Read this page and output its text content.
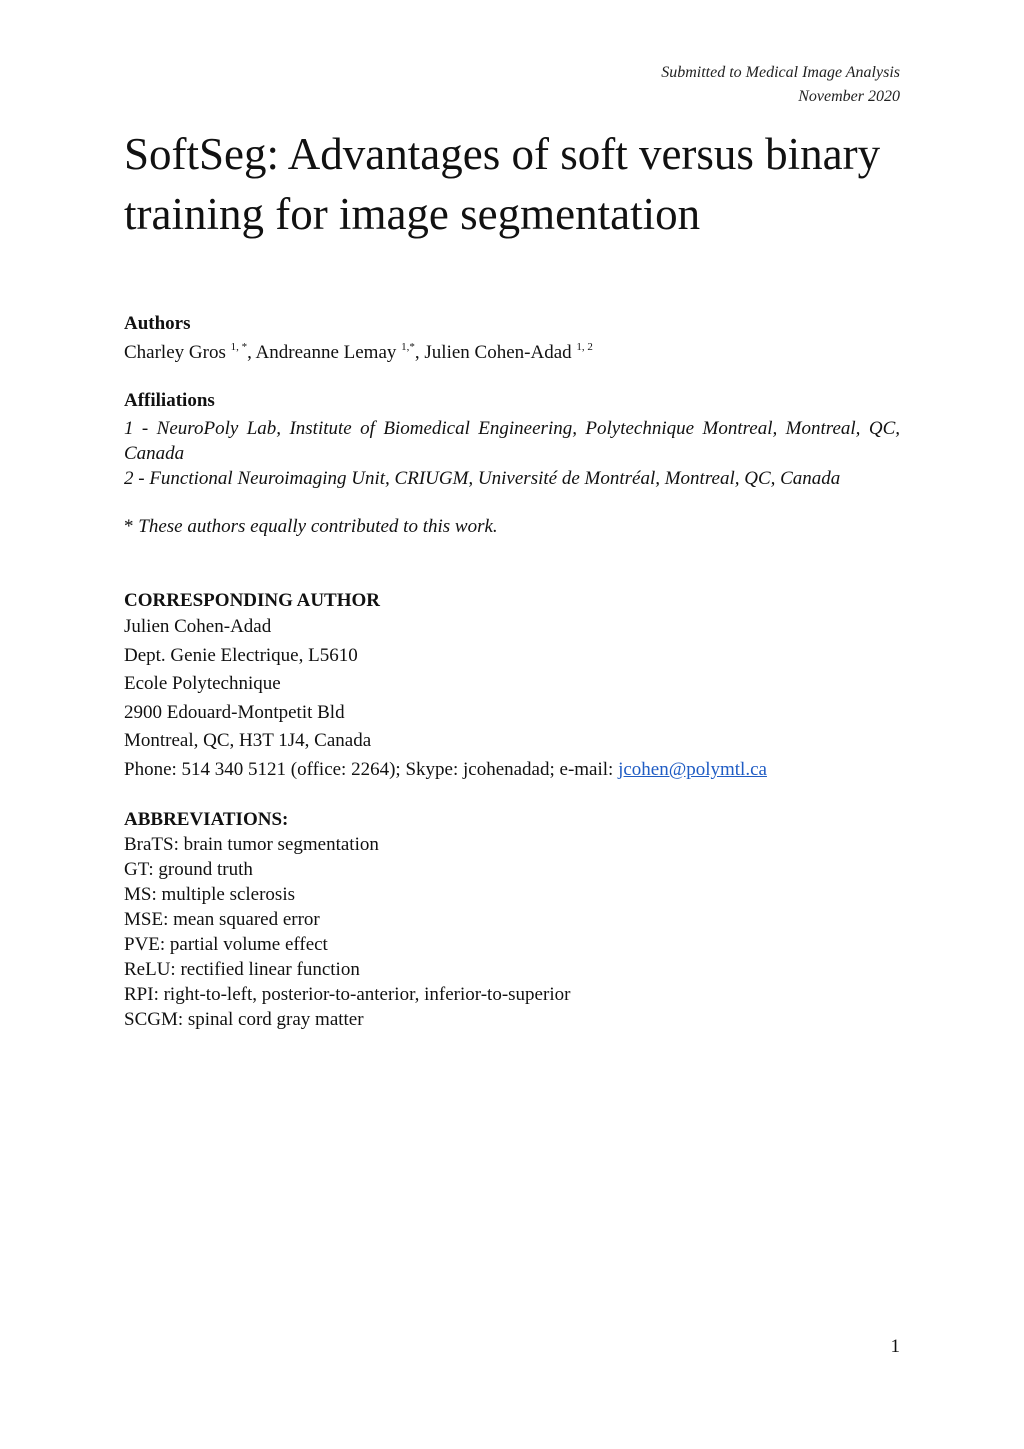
Submitted to Medical Image Analysis
November 2020
SoftSeg: Advantages of soft versus binary
training for image segmentation

Authors

Charley Gros $^{1, *}$, Andreanne Lemay $^{1,*}$, Julien Cohen-Adad $^{1, 2}$

Affiliations

1 - NeuroPoly Lab, Institute of Biomedical Engineering, Polytechnique Montreal, Montreal, QC, Canada

2 - Functional Neuroimaging Unit, CRIUGM, Université de Montréal, Montreal, QC, Canada

* These authors equally contributed to this work.

CORRESPONDING AUTHOR

Julien Cohen-Adad
Dept. Genie Electrique, L5610
Ecole Polytechnique
2900 Edouard-Montpetit Bld
Montreal, QC, H3T 1J4, Canada
Phone: 514 340 5121 (office: 2264); Skype: jcohenadad; e-mail: jcohen@polymtl.ca

ABBREVIATIONS:

BraTS: brain tumor segmentation
GT: ground truth
MS: multiple sclerosis
MSE: mean squared error
PVE: partial volume effect
ReLU: rectified linear function
RPI: right-to-left, posterior-to-anterior, inferior-to-superior
SCGM: spinal cord gray matter
1
